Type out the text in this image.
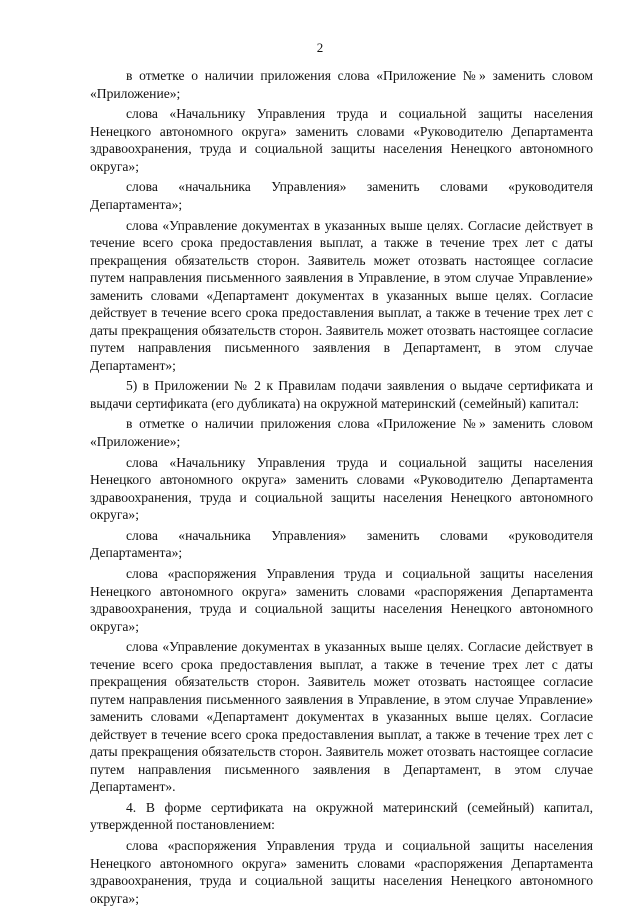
2

в отметке о наличии приложения слова «Приложение №» заменить словом «Приложение»;

слова «Начальнику Управления труда и социальной защиты населения Ненецкого автономного округа» заменить словами «Руководителю Департамента здравоохранения, труда и социальной защиты населения Ненецкого автономного округа»;

слова «начальника Управления» заменить словами «руководителя Департамента»;

слова «Управление документах в указанных выше целях. Согласие действует в течение всего срока предоставления выплат, а также в течение трех лет с даты прекращения обязательств сторон. Заявитель может отозвать настоящее согласие путем направления письменного заявления в Управление, в этом случае Управление» заменить словами «Департамент документах в указанных выше целях. Согласие действует в течение всего срока предоставления выплат, а также в течение трех лет с даты прекращения обязательств сторон. Заявитель может отозвать настоящее согласие путем направления письменного заявления в Департамент, в этом случае Департамент»;

5) в Приложении № 2 к Правилам подачи заявления о выдаче сертификата и выдачи сертификата (его дубликата) на окружной материнский (семейный) капитал:

в отметке о наличии приложения слова «Приложение №» заменить словом «Приложение»;

слова «Начальнику Управления труда и социальной защиты населения Ненецкого автономного округа» заменить словами «Руководителю Департамента здравоохранения, труда и социальной защиты населения Ненецкого автономного округа»;

слова «начальника Управления» заменить словами «руководителя Департамента»;

слова «распоряжения Управления труда и социальной защиты населения Ненецкого автономного округа» заменить словами «распоряжения Департамента здравоохранения, труда и социальной защиты населения Ненецкого автономного округа»;

слова «Управление документах в указанных выше целях. Согласие действует в течение всего срока предоставления выплат, а также в течение трех лет с даты прекращения обязательств сторон. Заявитель может отозвать настоящее согласие путем направления письменного заявления в Управление, в этом случае Управление» заменить словами «Департамент документах в указанных выше целях. Согласие действует в течение всего срока предоставления выплат, а также в течение трех лет с даты прекращения обязательств сторон. Заявитель может отозвать настоящее согласие путем направления письменного заявления в Департамент, в этом случае Департамент».

4. В форме сертификата на окружной материнский (семейный) капитал, утвержденной постановлением:

слова «распоряжения Управления труда и социальной защиты населения Ненецкого автономного округа» заменить словами «распоряжения Департамента здравоохранения, труда и социальной защиты населения Ненецкого автономного округа»;
